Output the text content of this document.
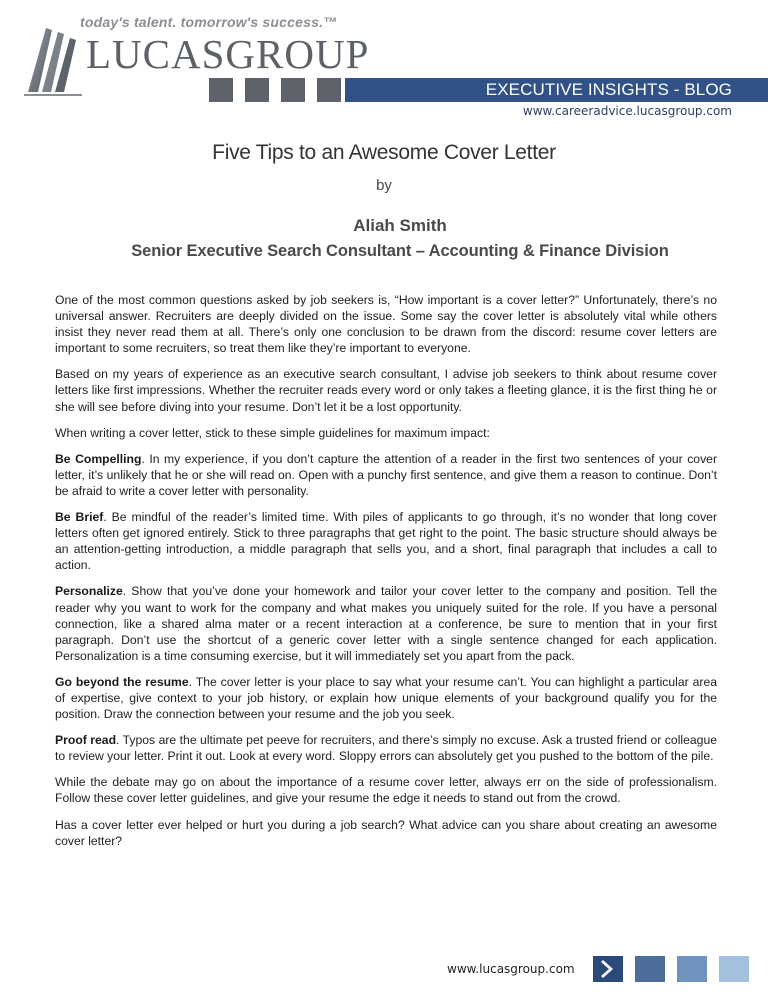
today's talent. tomorrow's success.™
LUCASGROUP
EXECUTIVE INSIGHTS - BLOG
www.careeradvice.lucasgroup.com
Five Tips to an Awesome Cover Letter
by
Aliah Smith
Senior Executive Search Consultant – Accounting & Finance Division

One of the most common questions asked by job seekers is, “How important is a cover letter?” Unfortunately, there’s no universal answer. Recruiters are deeply divided on the issue. Some say the cover letter is absolutely vital while others insist they never read them at all. There’s only one conclusion to be drawn from the discord: resume cover letters are important to some recruiters, so treat them like they’re important to everyone.

Based on my years of experience as an executive search consultant, I advise job seekers to think about resume cover letters like first impressions. Whether the recruiter reads every word or only takes a fleeting glance, it is the first thing he or she will see before diving into your resume. Don’t let it be a lost opportunity.

When writing a cover letter, stick to these simple guidelines for maximum impact:

Be Compelling. In my experience, if you don’t capture the attention of a reader in the first two sentences of your cover letter, it’s unlikely that he or she will read on. Open with a punchy first sentence, and give them a reason to continue. Don’t be afraid to write a cover letter with personality.

Be Brief. Be mindful of the reader’s limited time. With piles of applicants to go through, it’s no wonder that long cover letters often get ignored entirely. Stick to three paragraphs that get right to the point. The basic structure should always be an attention-getting introduction, a middle paragraph that sells you, and a short, final paragraph that includes a call to action.

Personalize. Show that you’ve done your homework and tailor your cover letter to the company and position. Tell the reader why you want to work for the company and what makes you uniquely suited for the role. If you have a personal connection, like a shared alma mater or a recent interaction at a conference, be sure to mention that in your first paragraph. Don’t use the shortcut of a generic cover letter with a single sentence changed for each application. Personalization is a time consuming exercise, but it will immediately set you apart from the pack.

Go beyond the resume. The cover letter is your place to say what your resume can’t. You can highlight a particular area of expertise, give context to your job history, or explain how unique elements of your background qualify you for the position. Draw the connection between your resume and the job you seek.

Proof read. Typos are the ultimate pet peeve for recruiters, and there’s simply no excuse. Ask a trusted friend or colleague to review your letter. Print it out. Look at every word. Sloppy errors can absolutely get you pushed to the bottom of the pile.

While the debate may go on about the importance of a resume cover letter, always err on the side of professionalism. Follow these cover letter guidelines, and give your resume the edge it needs to stand out from the crowd.

Has a cover letter ever helped or hurt you during a job search? What advice can you share about creating an awesome cover letter?

www.lucasgroup.com
